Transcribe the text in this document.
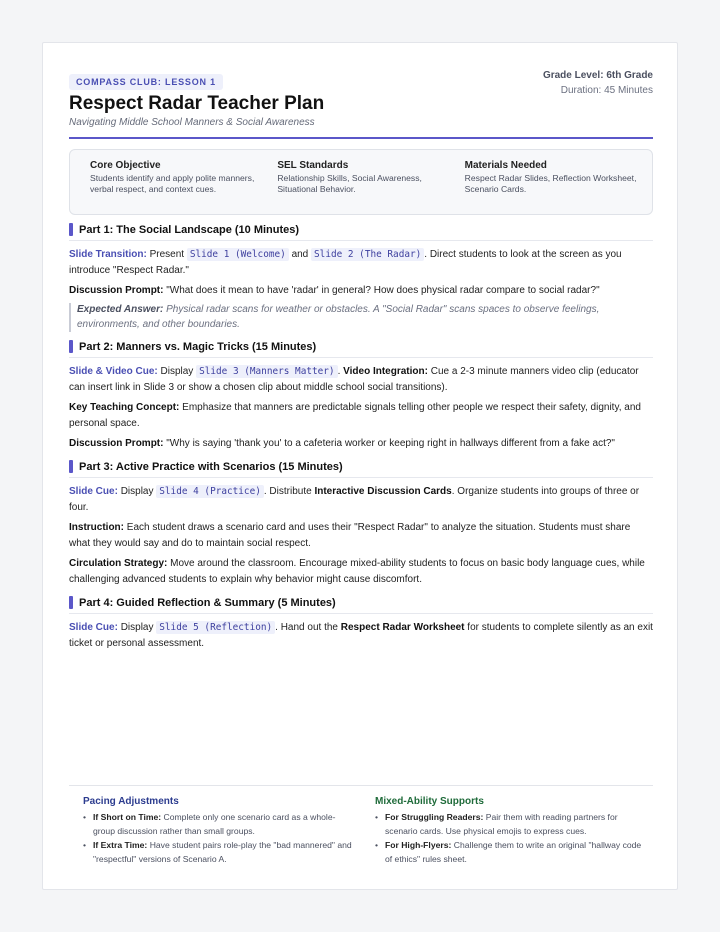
COMPASS CLUB: LESSON 1
Respect Radar Teacher Plan
Navigating Middle School Manners & Social Awareness
Grade Level: 6th Grade
Duration: 45 Minutes
Core Objective

Students identify and apply polite manners, verbal respect, and context cues.

SEL Standards

Relationship Skills, Social Awareness, Situational Behavior.

Materials Needed

Respect Radar Slides, Reflection Worksheet, Scenario Cards.

Part 1: The Social Landscape (10 Minutes)

Slide Transition: Present Slide 1 (Welcome) and Slide 2 (The Radar) . Direct students to look at the screen as you introduce "Respect Radar."

Discussion Prompt: "What does it mean to have 'radar' in general? How does physical radar compare to social radar?"

Expected Answer: Physical radar scans for weather or obstacles. A "Social Radar" scans spaces to observe feelings, environments, and other boundaries.
Part 2: Manners vs. Magic Tricks (15 Minutes)

Slide & Video Cue: Display Slide 3 (Manners Matter) . Video Integration: Cue a 2-3 minute manners video clip (educator can insert link in Slide 3 or show a chosen clip about middle school social transitions).

Key Teaching Concept: Emphasize that manners are predictable signals telling other people we respect their safety, dignity, and personal space.

Discussion Prompt: "Why is saying 'thank you' to a cafeteria worker or keeping right in hallways different from a fake act?"

Part 3: Active Practice with Scenarios (15 Minutes)

Slide Cue: Display Slide 4 (Practice) . Distribute Interactive Discussion Cards. Organize students into groups of three or four.

Instruction: Each student draws a scenario card and uses their "Respect Radar" to analyze the situation. Students must share what they would say and do to maintain social respect.

Circulation Strategy: Move around the classroom. Encourage mixed-ability students to focus on basic body language cues, while challenging advanced students to explain why behavior might cause discomfort.

Part 4: Guided Reflection & Summary (5 Minutes)

Slide Cue: Display Slide 5 (Reflection) . Hand out the Respect Radar Worksheet for students to complete silently as an exit ticket or personal assessment.

Pacing Adjustments
• If Short on Time: Complete only one scenario card as a whole-group discussion rather than small groups.
• If Extra Time: Have student pairs role-play the "bad mannered" and "respectful" versions of Scenario A.
Mixed-Ability Supports
• For Struggling Readers: Pair them with reading partners for scenario cards. Use physical emojis to express cues.
• For High-Flyers: Challenge them to write an original "hallway code of ethics" rules sheet.
